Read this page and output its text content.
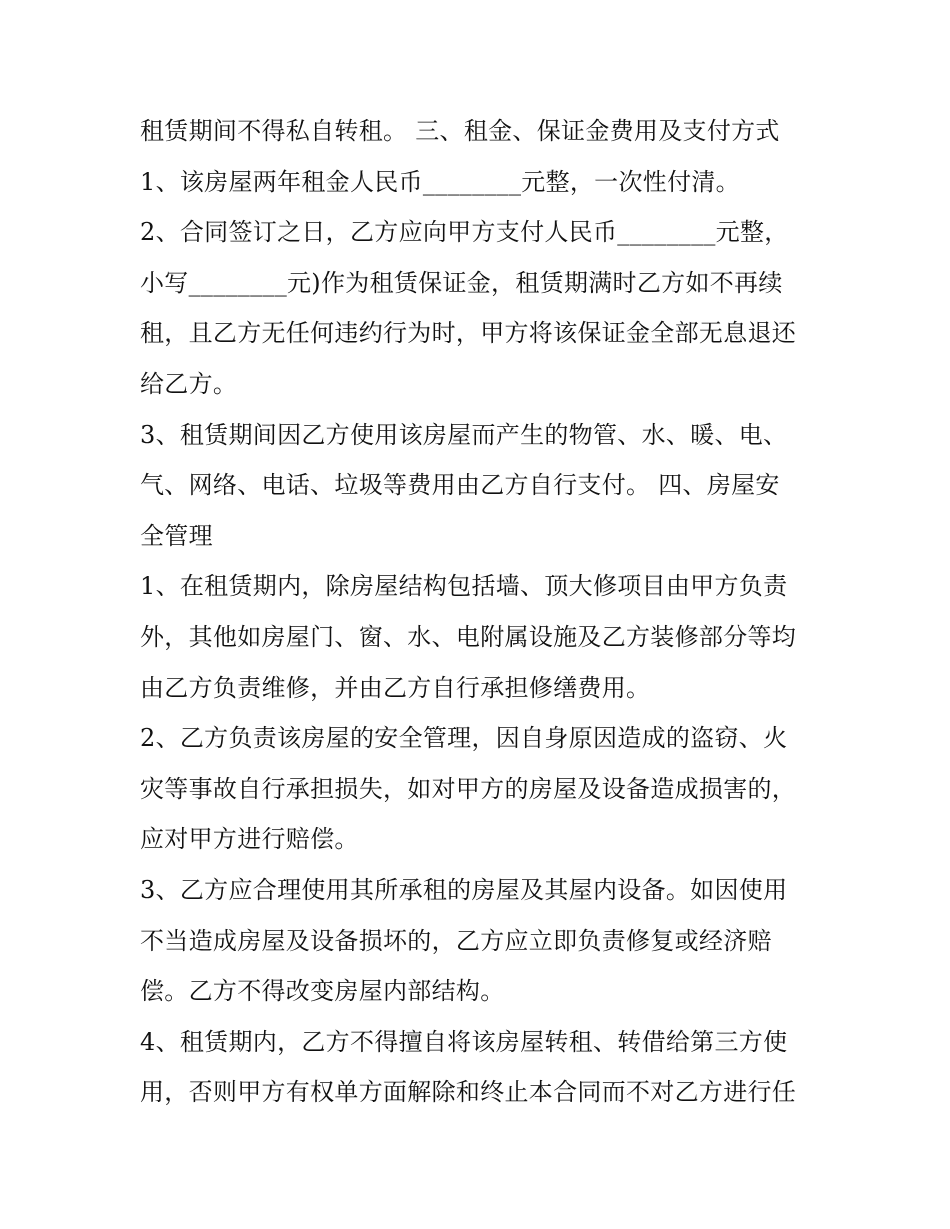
租赁期间不得私自转租。 三、租金、保证金费用及支付方式
1、该房屋两年租金人民币________元整，一次性付清。
2、合同签订之日，乙方应向甲方支付人民币________元整，
小写________元)作为租赁保证金，租赁期满时乙方如不再续
租，且乙方无任何违约行为时，甲方将该保证金全部无息退还
给乙方。
3、租赁期间因乙方使用该房屋而产生的物管、水、暖、电、
气、网络、电话、垃圾等费用由乙方自行支付。 四、房屋安
全管理
1、在租赁期内，除房屋结构包括墙、顶大修项目由甲方负责
外，其他如房屋门、窗、水、电附属设施及乙方装修部分等均
由乙方负责维修，并由乙方自行承担修缮费用。
2、乙方负责该房屋的安全管理，因自身原因造成的盗窃、火
灾等事故自行承担损失，如对甲方的房屋及设备造成损害的，
应对甲方进行赔偿。
3、乙方应合理使用其所承租的房屋及其屋内设备。如因使用
不当造成房屋及设备损坏的，乙方应立即负责修复或经济赔
偿。乙方不得改变房屋内部结构。
4、租赁期内，乙方不得擅自将该房屋转租、转借给第三方使
用，否则甲方有权单方面解除和终止本合同而不对乙方进行任
